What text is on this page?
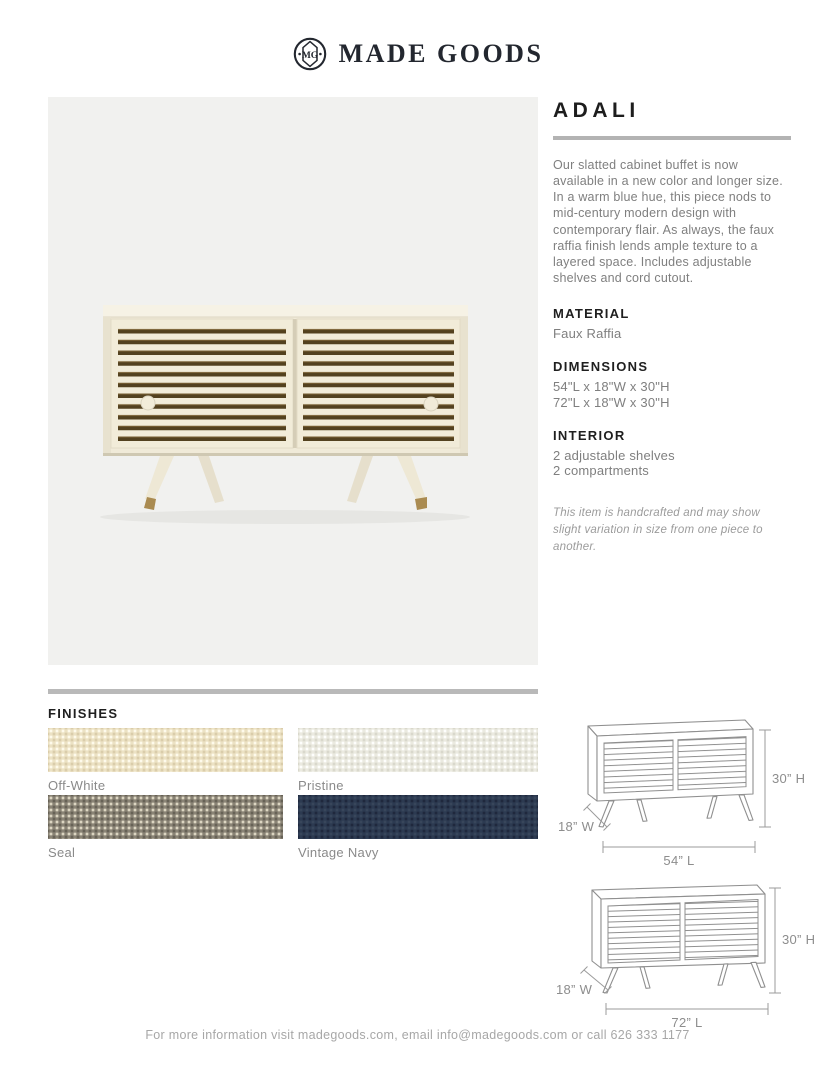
MG MADE GOODS
ADALI

Our slatted cabinet buffet is now available in a new color and longer size. In a warm blue hue, this piece nods to mid-century modern design with contemporary flair. As always, the faux raffia finish lends ample texture to a layered space. Includes adjustable shelves and cord cutout.

MATERIAL
Faux Raffia
DIMENSIONS
54"L x 18"W x 30"H
72"L x 18"W x 30"H
INTERIOR
2 adjustable shelves
2 compartments

This item is handcrafted and may show slight variation in size from one piece to another.

FINISHES
Off-White	Pristine
Seal	Vintage Navy
30” H
18” W
54” L
30” H
18” W
72” L
For more information visit madegoods.com, email info@madegoods.com or call 626 333 1177
